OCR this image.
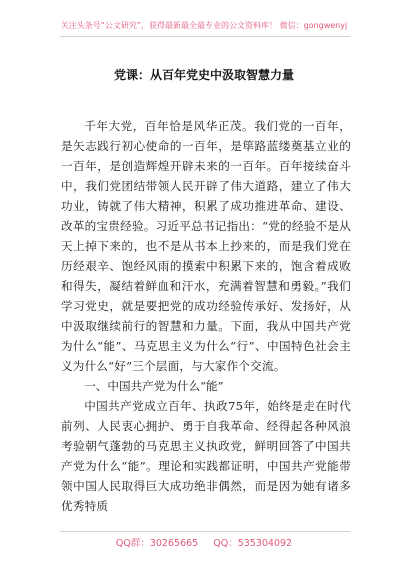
关注头条号“公文研究”，获得最新最全最专业的公文资料库！ 微信：gongwenyj
党课：从百年党史中汲取智慧力量

千年大党，百年恰是风华正茂。我们党的一百年，是矢志践行初心使命的一百年，是筚路蓝缕奠基立业的一百年，是创造辉煌开辟未来的一百年。百年接续奋斗中，我们党团结带领人民开辟了伟大道路，建立了伟大功业，铸就了伟大精神，积累了成功推进革命、建设、改革的宝贵经验。习近平总书记指出：“党的经验不是从天上掉下来的，也不是从书本上抄来的，而是我们党在历经艰辛、饱经风雨的摸索中积累下来的，饱含着成败和得失，凝结着鲜血和汗水，充满着智慧和勇毅。”我们学习党史，就是要把党的成功经验传承好、发扬好，从中汲取继续前行的智慧和力量。下面，我从中国共产党为什么“能”、马克思主义为什么“行”、中国特色社会主义为什么“好”三个层面，与大家作个交流。

一、中国共产党为什么“能”

中国共产党成立百年、执政75年，始终是走在时代前列、人民衷心拥护、勇于自我革命、经得起各种风浪考验朝气蓬勃的马克思主义执政党，鲜明回答了中国共产党为什么“能”。理论和实践都证明，中国共产党能带领中国人民取得巨大成功绝非偶然，而是因为她有诸多优秀特质

QQ群：30265665 QQ：535304092
